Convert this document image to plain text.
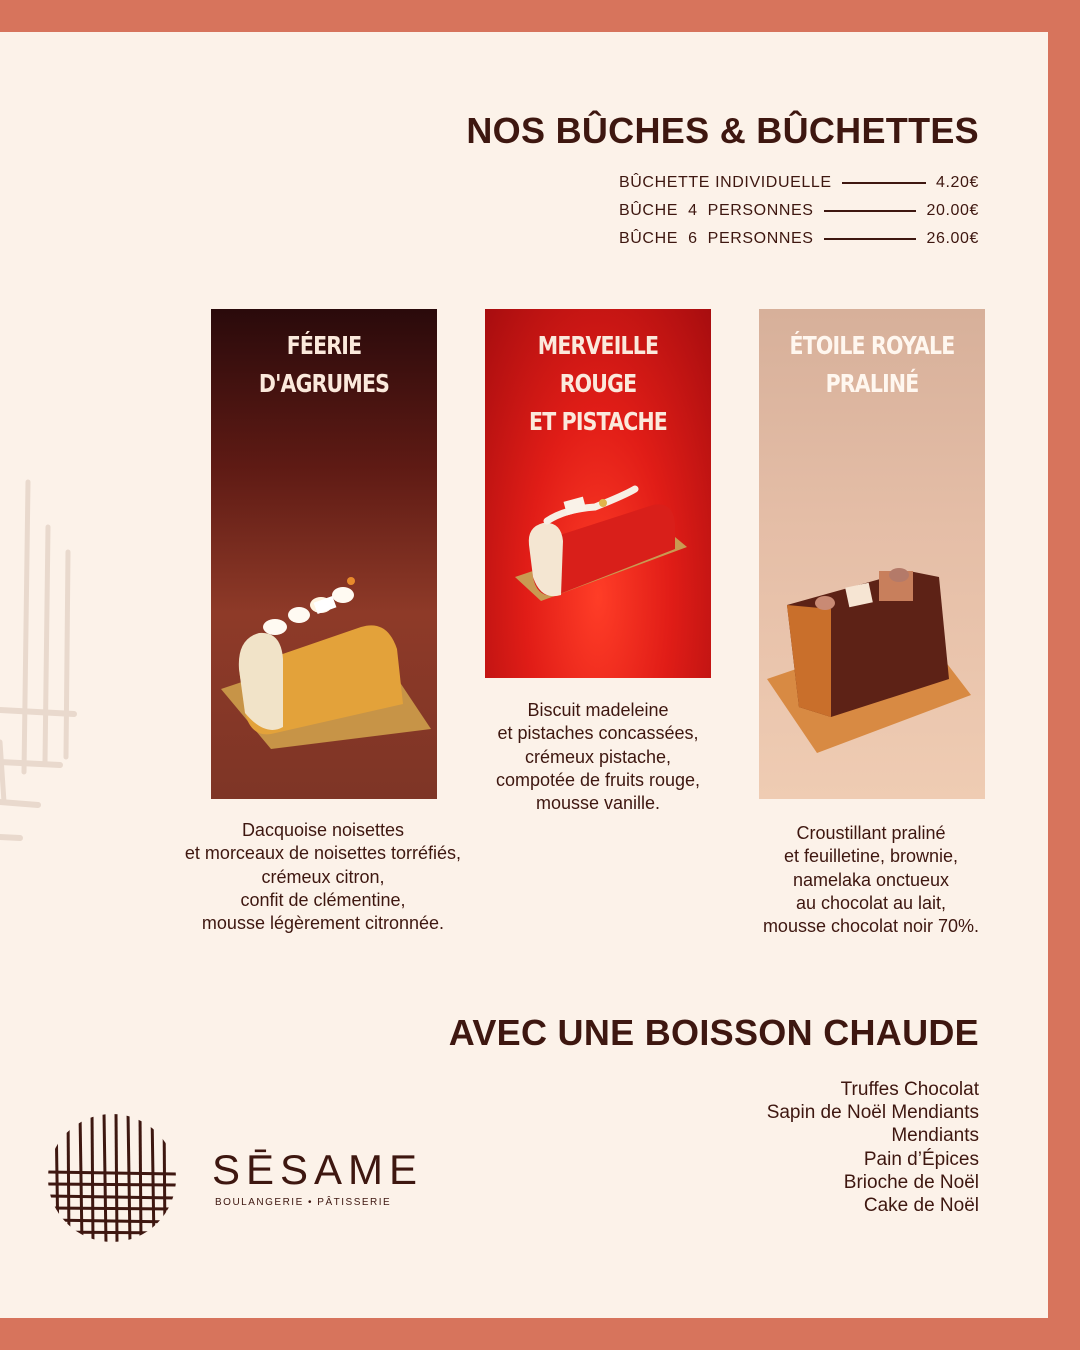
NOS BÛCHES & BÛCHETTES
BÛCHETTE INDIVIDUELLE	4.20€
BÛCHE  4  PERSONNES	20.00€
BÛCHE  6  PERSONNES	26.00€
FÉERIE
D'AGRUMES
MERVEILLE ROUGE
ET PISTACHE
ÉTOILE ROYALE
PRALINÉ
Dacquoise noisettes
et morceaux de noisettes torréfiés,
crémeux citron,
confit de clémentine,
mousse légèrement citronnée.
Biscuit madeleine
et pistaches concassées,
crémeux pistache,
compotée de fruits rouge,
mousse vanille.
Croustillant praliné
et feuilletine, brownie,
namelaka onctueux
au chocolat au lait,
mousse chocolat noir 70%.
AVEC UNE BOISSON CHAUDE
Truffes Chocolat
Sapin de Noël Mendiants
Mendiants
Pain d’Épices
Brioche de Noël
Cake de Noël
SĒSAME
BOULANGERIE • PÂTISSERIE
